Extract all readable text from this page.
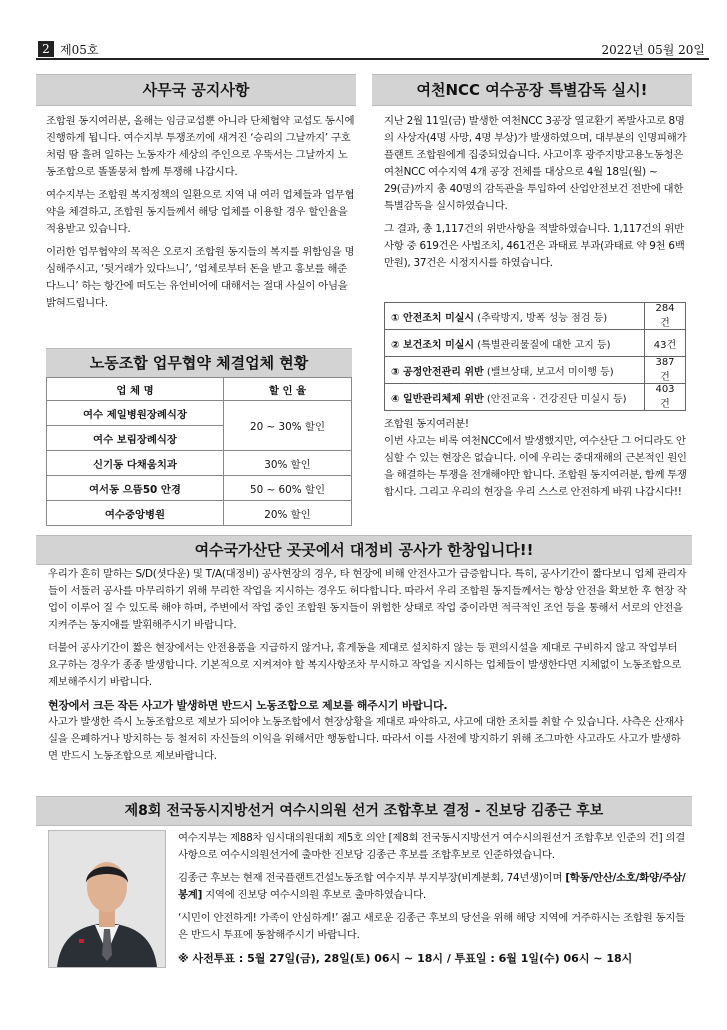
2 제05호	2022년 05월 20일
사무국 공지사항

조합원 동지여러분, 올해는 임금교섭뿐 아니라 단체협약 교섭도 동시에 진행하게 됩니다. 여수지부 투쟁조끼에 새겨진 ‘승리의 그날까지’ 구호처럼 땀 흘려 일하는 노동자가 세상의 주인으로 우뚝서는 그날까지 노동조합으로 똘똘뭉쳐 함께 투쟁해 나갑시다.

여수지부는 조합원 복지정책의 일환으로 지역 내 여러 업체들과 업무협약을 체결하고, 조합원 동지들께서 해당 업체를 이용할 경우 할인율을 적용받고 있습니다.

이러한 업무협약의 목적은 오로지 조합원 동지들의 복지를 위함임을 명심해주시고, ‘뒷거래가 있다느니’, ‘업체로부터 돈을 받고 홍보를 해준다느니’ 하는 항간에 떠도는 유언비어에 대해서는 절대 사실이 아님을 밝혀드립니다.

노동조합 업무협약 체결업체 현황
업 체 명	할 인 율
여수 제일병원장례식장	20 ~ 30% 할인
여수 보림장례식장	
신기동 다채움치과	30% 할인
여서동 으뜸50 안경	50 ~ 60% 할인
여수중앙병원	20% 할인
여천NCC 여수공장 특별감독 실시!

지난 2월 11일(금) 발생한 여천NCC 3공장 열교환기 폭발사고로 8명의 사상자(4명 사망, 4명 부상)가 발생하였으며, 대부분의 인명피해가 플랜트 조합원에게 집중되었습니다. 사고이후 광주지방고용노동청은 여천NCC 여수지역 4개 공장 전체를 대상으로 4월 18일(월) ~ 29(금)까지 총 40명의 감독관을 투입하여 산업안전보건 전반에 대한 특별감독을 실시하였습니다.

그 결과, 총 1,117건의 위반사항을 적발하였습니다. 1,117건의 위반사항 중 619건은 사법조치, 461건은 과태료 부과(과태료 약 9천 6백만원), 37건은 시정지시를 하였습니다.

① 안전조치 미실시 (추락방지, 방폭 성능 점검 등)	284건
② 보건조치 미실시 (특별관리물질에 대한 고지 등)	43건
③ 공정안전관리 위반 (밸브상태, 보고서 미이행 등)	387건
④ 일반관리체제 위반 (안전교육 · 건강진단 미실시 등)	403건
조합원 동지여러분!
이번 사고는 비록 여천NCC에서 발생했지만, 여수산단 그 어디라도 안심할 수 있는 현장은 없습니다. 이에 우리는 중대재해의 근본적인 원인을 해결하는 투쟁을 전개해야만 합니다. 조합원 동지여러분, 함께 투쟁합시다. 그리고 우리의 현장을 우리 스스로 안전하게 바꿔 나갑시다!!
여수국가산단 곳곳에서 대정비 공사가 한창입니다!!

우리가 흔히 말하는 S/D(셧다운) 및 T/A(대정비) 공사현장의 경우, 타 현장에 비해 안전사고가 급증합니다. 특히, 공사기간이 짧다보니 업체 관리자들이 서둘러 공사를 마무리하기 위해 무리한 작업을 지시하는 경우도 허다합니다. 따라서 우리 조합원 동지들께서는 항상 안전을 확보한 후 현장 작업이 이루어 질 수 있도록 해야 하며, 주변에서 작업 중인 조합원 동지들이 위험한 상태로 작업 중이라면 적극적인 조언 등을 통해서 서로의 안전을 지켜주는 동지애를 발휘해주시기 바랍니다.

더불어 공사기간이 짧은 현장에서는 안전용품을 지급하지 않거나, 휴게동을 제대로 설치하지 않는 등 편의시설을 제대로 구비하지 않고 작업부터 요구하는 경우가 종종 발생합니다. 기본적으로 지켜져야 할 복지사항조차 무시하고 작업을 지시하는 업체들이 발생한다면 지체없이 노동조합으로 제보해주시기 바랍니다.

현장에서 크든 작든 사고가 발생하면 반드시 노동조합으로 제보를 해주시기 바랍니다.

사고가 발생한 즉시 노동조합으로 제보가 되어야 노동조합에서 현장상황을 제대로 파악하고, 사고에 대한 조치를 취할 수 있습니다. 사측은 산재사실을 은폐하거나 방치하는 등 철저히 자신들의 이익을 위해서만 행동합니다. 따라서 이를 사전에 방지하기 위해 조그마한 사고라도 사고가 발생하면 반드시 노동조합으로 제보바랍니다.

제8회 전국동시지방선거 여수시의원 선거 조합후보 결정 - 진보당 김종근 후보

여수지부는 제88차 임시대의원대회 제5호 의안 [제8회 전국동시지방선거 여수시의원선거 조합후보 인준의 건] 의결사항으로 여수시의원선거에 출마한 진보당 김종근 후보를 조합후보로 인준하였습니다.

김종근 후보는 현재 전국플랜트건설노동조합 여수지부 부지부장(비계분회, 74년생)이며 [학동/안산/소호/화양/주삼/봉계] 지역에 진보당 여수시의원 후보로 출마하였습니다.

‘시민이 안전하게! 가족이 안심하게!’ 젊고 새로운 김종근 후보의 당선을 위해 해당 지역에 거주하시는 조합원 동지들은 반드시 투표에 동참해주시기 바랍니다.

※ 사전투표 : 5월 27일(금), 28일(토) 06시 ~ 18시 / 투표일 : 6월 1일(수) 06시 ~ 18시
